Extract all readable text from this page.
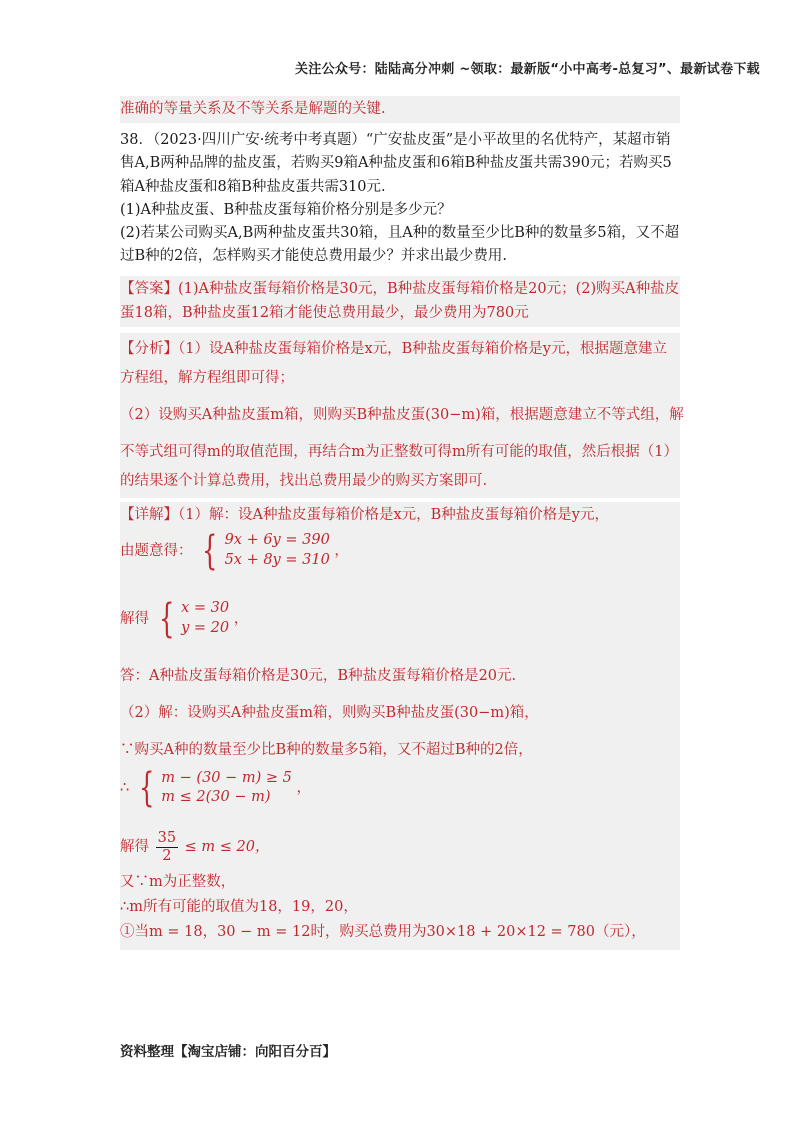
关注公众号：陆陆高分冲刺 ~领取：最新版“小中高考-总复习”、最新试卷下载
准确的等量关系及不等关系是解题的关键.
38．（2023·四川广安·统考中考真题）“广安盐皮蛋”是小平故里的名优特产，某超市销
售A,B两种品牌的盐皮蛋，若购买9箱A种盐皮蛋和6箱B种盐皮蛋共需390元；若购买5
箱A种盐皮蛋和8箱B种盐皮蛋共需310元.
(1)A种盐皮蛋、B种盐皮蛋每箱价格分别是多少元？
(2)若某公司购买A,B两种盐皮蛋共30箱，且A种的数量至少比B种的数量多5箱，又不超
过B种的2倍，怎样购买才能使总费用最少？并求出最少费用.
【答案】(1)A种盐皮蛋每箱价格是30元，B种盐皮蛋每箱价格是20元；(2)购买A种盐皮
蛋18箱，B种盐皮蛋12箱才能使总费用最少，最少费用为780元
【分析】（1）设A种盐皮蛋每箱价格是x元，B种盐皮蛋每箱价格是y元，根据题意建立
方程组，解方程组即可得；
（2）设购买A种盐皮蛋m箱，则购买B种盐皮蛋(30−m)箱，根据题意建立不等式组，解
不等式组可得m的取值范围，再结合m为正整数可得m所有可能的取值，然后根据（1）
的结果逐个计算总费用，找出总费用最少的购买方案即可.
【详解】（1）解：设A种盐皮蛋每箱价格是x元，B种盐皮蛋每箱价格是y元，
由题意得： { 9x + 6y = 390
5x + 8y = 310
，
解得 { x = 30
y = 20
，
答：A种盐皮蛋每箱价格是30元，B种盐皮蛋每箱价格是20元.
（2）解：设购买A种盐皮蛋m箱，则购买B种盐皮蛋(30−m)箱，
∵购买A种的数量至少比B种的数量多5箱，又不超过B种的2倍，
∴ { m − (30 − m) ≥ 5
m ≤ 2(30 − m)
，
解得 $\frac{35}{2} \le m \le 20$，
又∵m为正整数，
∴m所有可能的取值为18，19，20，
①当m = 18，30 − m = 12时，购买总费用为30×18 + 20×12 = 780（元），
资料整理【淘宝店铺：向阳百分百】
